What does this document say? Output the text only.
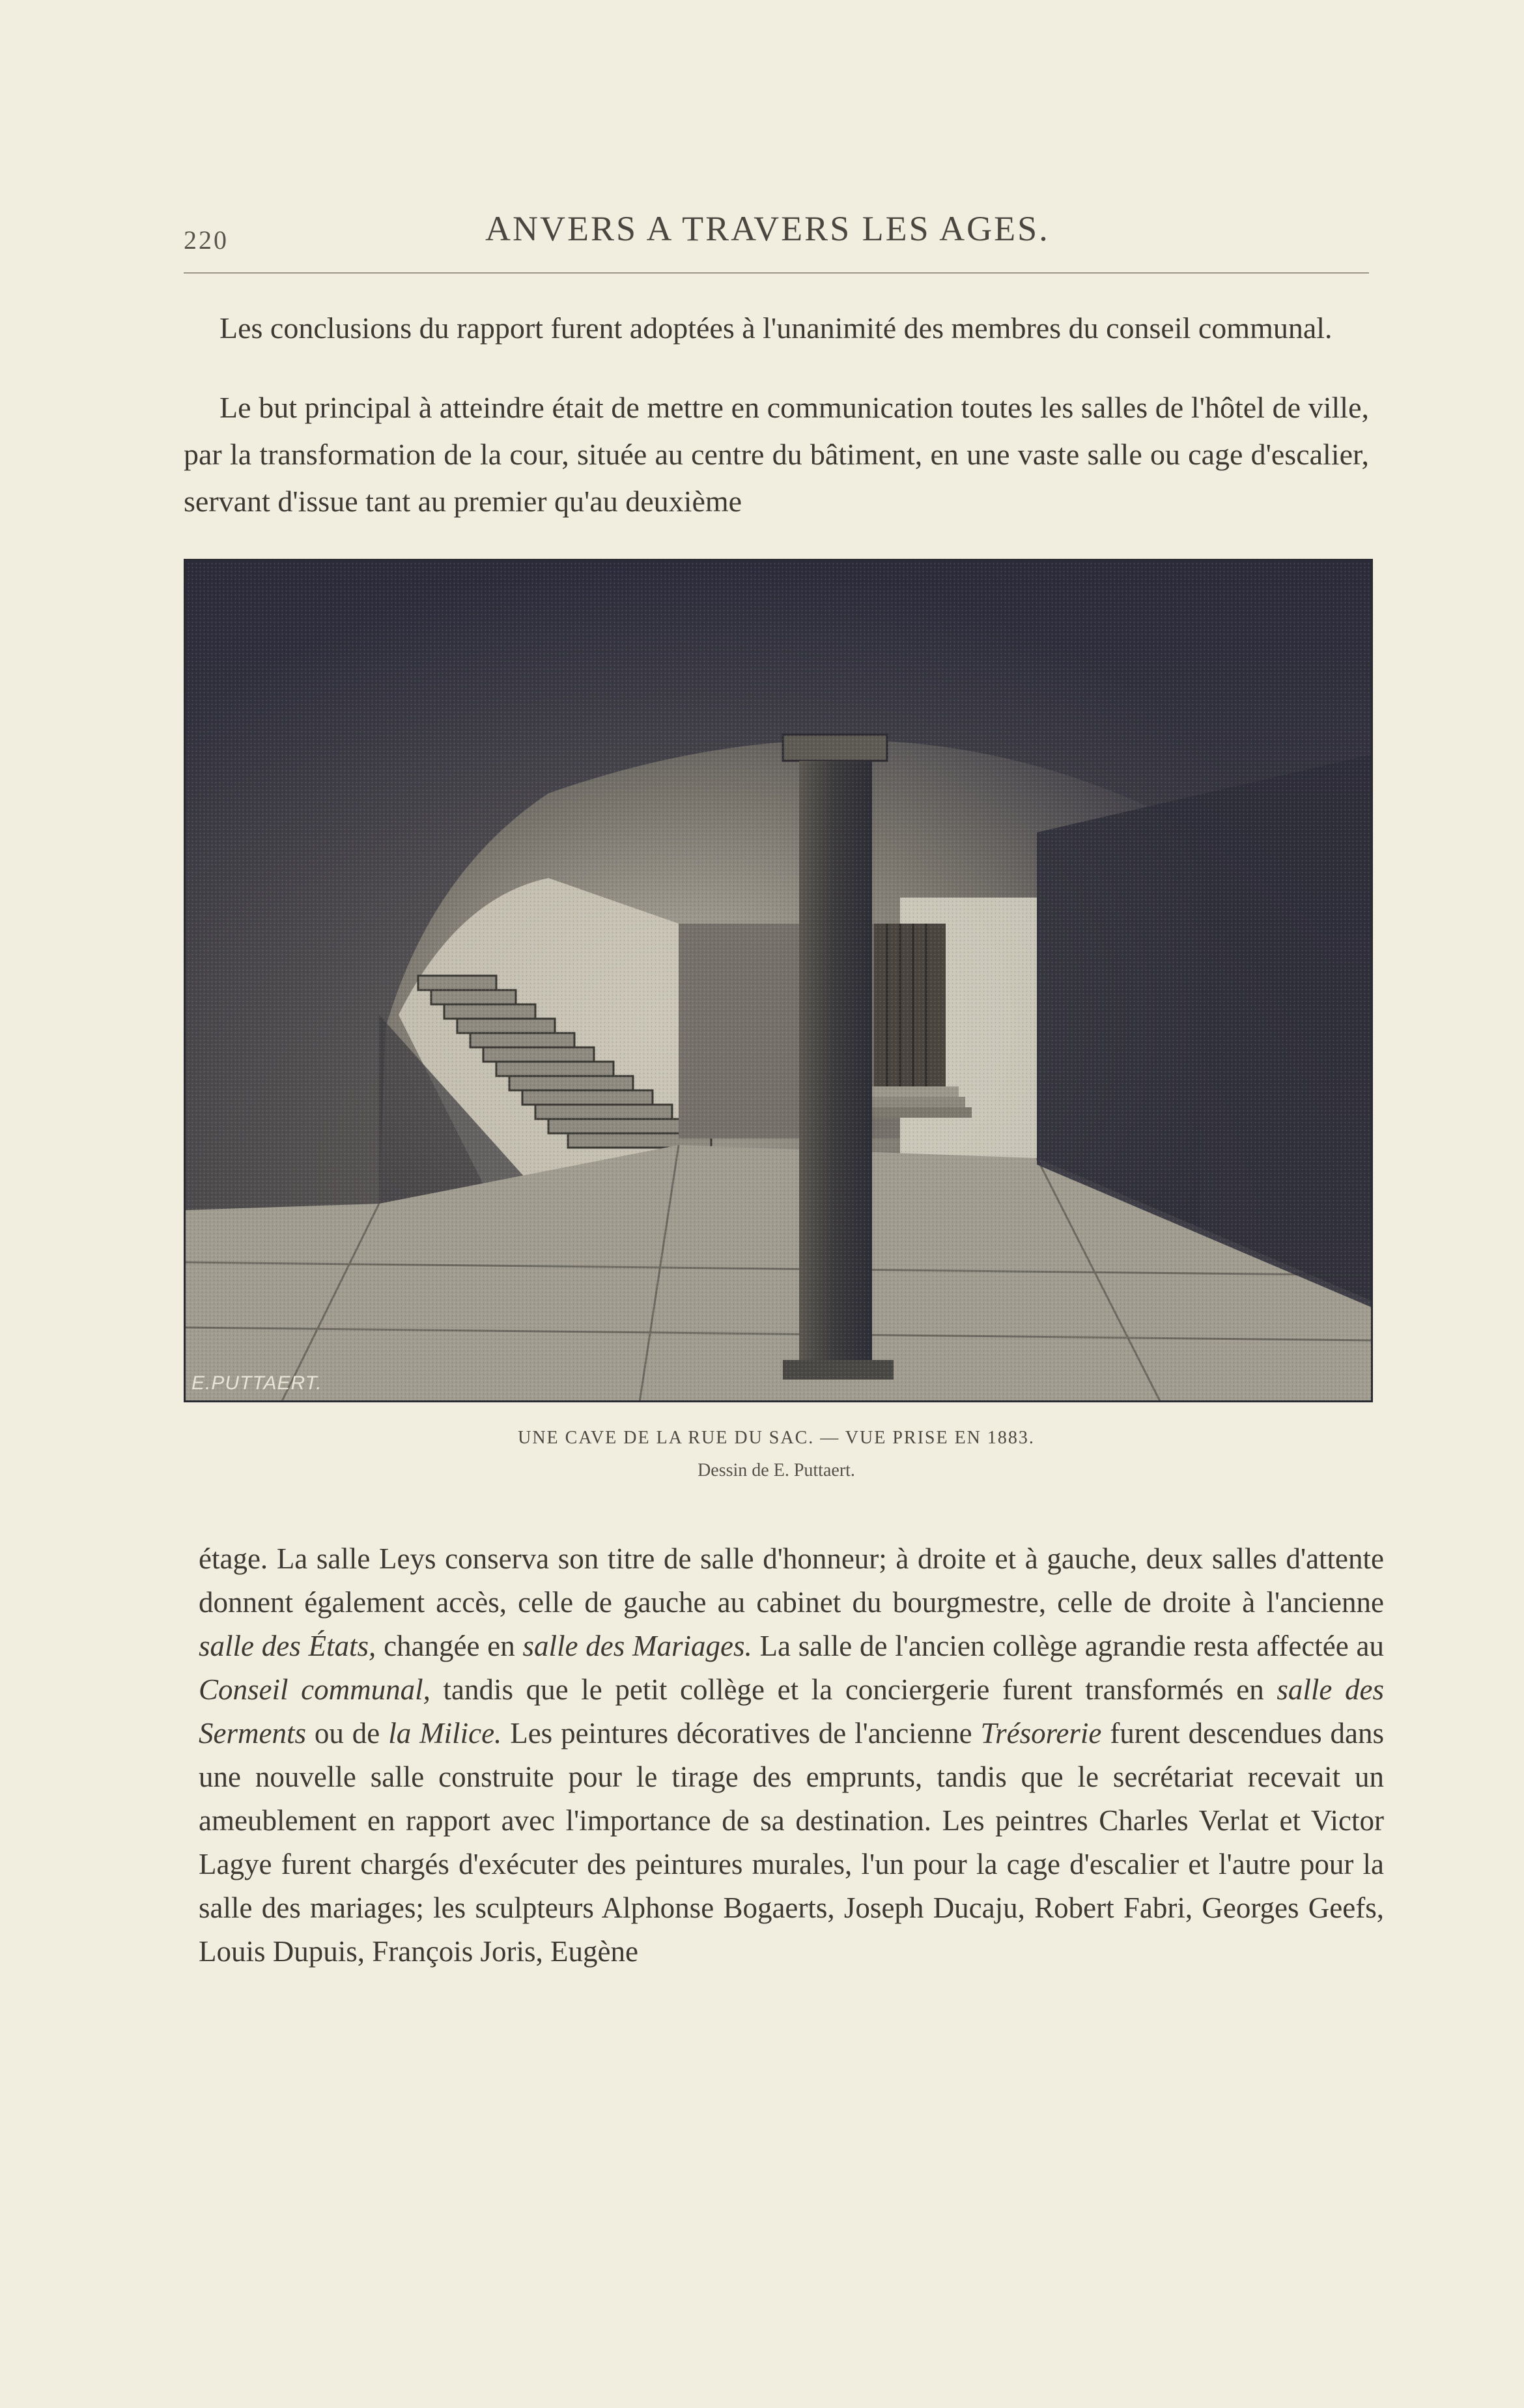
220	ANVERS A TRAVERS LES AGES.

Les conclusions du rapport furent adoptées à l'unanimité des membres du conseil communal.

Le but principal à atteindre était de mettre en communication toutes les salles de l'hôtel de ville, par la transformation de la cour, située au centre du bâtiment, en une vaste salle ou cage d'escalier, servant d'issue tant au premier qu'au deuxième

E.PUTTAERT.
UNE CAVE DE LA RUE DU SAC. — VUE PRISE EN 1883.
Dessin de E. Puttaert.

étage. La salle Leys conserva son titre de salle d'honneur; à droite et à gauche, deux salles d'attente donnent également accès, celle de gauche au cabinet du bourgmestre, celle de droite à l'ancienne salle des États, changée en salle des Mariages. La salle de l'ancien collège agrandie resta affectée au Conseil communal, tandis que le petit collège et la conciergerie furent transformés en salle des Serments ou de la Milice. Les peintures décoratives de l'ancienne Trésorerie furent descendues dans une nouvelle salle construite pour le tirage des emprunts, tandis que le secrétariat recevait un ameublement en rapport avec l'importance de sa destination. Les peintres Charles Verlat et Victor Lagye furent chargés d'exécuter des peintures murales, l'un pour la cage d'escalier et l'autre pour la salle des mariages; les sculpteurs Alphonse Bogaerts, Joseph Ducaju, Robert Fabri, Georges Geefs, Louis Dupuis, François Joris, Eugène
